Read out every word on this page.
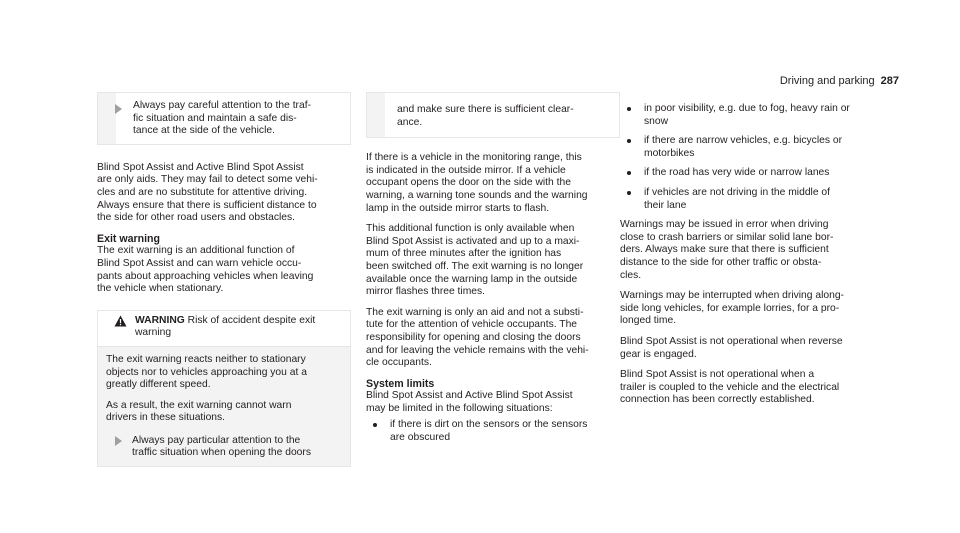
Driving and parking 287
Always pay careful attention to the traf-
fic situation and maintain a safe dis-
tance at the side of the vehicle.

Blind Spot Assist and Active Blind Spot Assist
are only aids. They may fail to detect some vehi-
cles and are no substitute for attentive driving.
Always ensure that there is sufficient distance to
the side for other road users and obstacles.

Exit warning

The exit warning is an additional function of
Blind Spot Assist and can warn vehicle occu-
pants about approaching vehicles when leaving
the vehicle when stationary.

WARNING Risk of accident despite exit
warning

The exit warning reacts neither to stationary
objects nor to vehicles approaching you at a
greatly different speed.

As a result, the exit warning cannot warn
drivers in these situations.

Always pay particular attention to the
traffic situation when opening the doors
and make sure there is sufficient clear-
ance.

If there is a vehicle in the monitoring range, this
is indicated in the outside mirror. If a vehicle
occupant opens the door on the side with the
warning, a warning tone sounds and the warning
lamp in the outside mirror starts to flash.

This additional function is only available when
Blind Spot Assist is activated and up to a maxi-
mum of three minutes after the ignition has
been switched off. The exit warning is no longer
available once the warning lamp in the outside
mirror flashes three times.

The exit warning is only an aid and not a substi-
tute for the attention of vehicle occupants. The
responsibility for opening and closing the doors
and for leaving the vehicle remains with the vehi-
cle occupants.

System limits

Blind Spot Assist and Active Blind Spot Assist
may be limited in the following situations:

if there is dirt on the sensors or the sensors
are obscured
in poor visibility, e.g. due to fog, heavy rain or
snow
if there are narrow vehicles, e.g. bicycles or
motorbikes
if the road has very wide or narrow lanes
if vehicles are not driving in the middle of
their lane

Warnings may be issued in error when driving
close to crash barriers or similar solid lane bor-
ders. Always make sure that there is sufficient
distance to the side for other traffic or obsta-
cles.

Warnings may be interrupted when driving along-
side long vehicles, for example lorries, for a pro-
longed time.

Blind Spot Assist is not operational when reverse
gear is engaged.

Blind Spot Assist is not operational when a
trailer is coupled to the vehicle and the electrical
connection has been correctly established.
